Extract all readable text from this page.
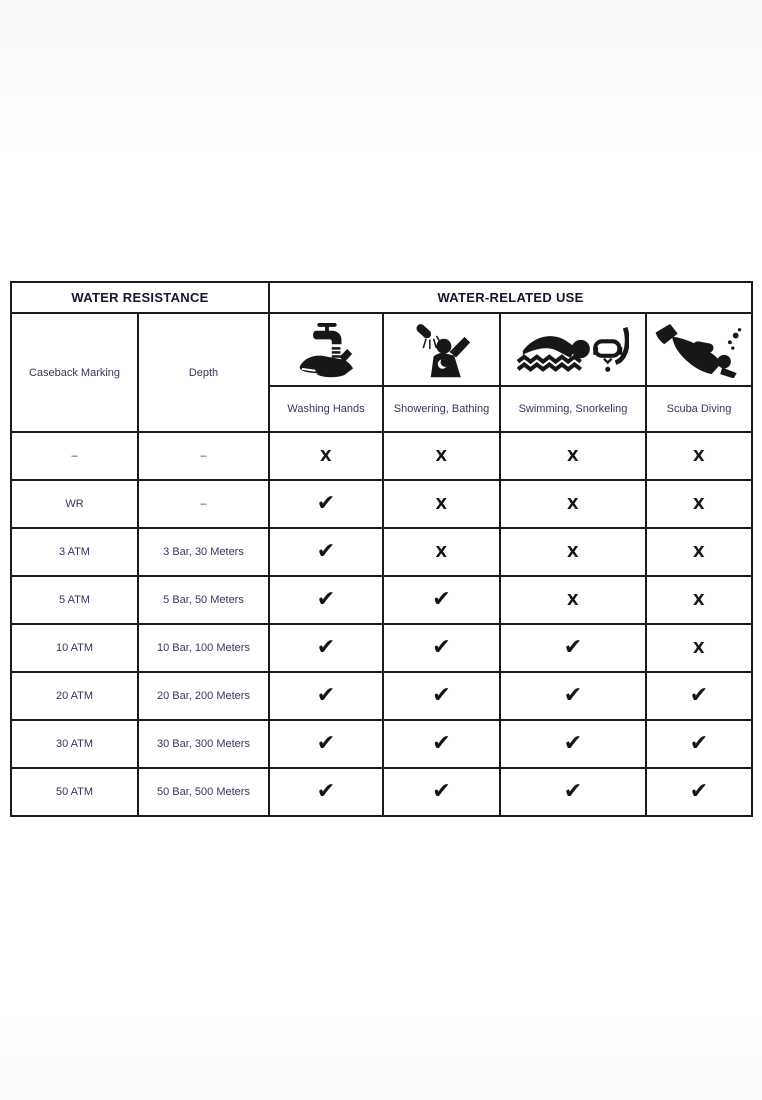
WATER RESISTANCE		WATER-RELATED USE			
Caseback Marking	Depth	

		Washing Hands	Showering, Bathing	Swimming, Snorkeling	Scuba Diving
–	–	X	X	X	X
WR	–	✔	X	X	X
3 ATM	3 Bar, 30 Meters	✔	X	X	X
5 ATM	5 Bar, 50 Meters	✔	✔	X	X
10 ATM	10 Bar, 100 Meters	✔	✔	✔	X
20 ATM	20 Bar, 200 Meters	✔	✔	✔	✔
30 ATM	30 Bar, 300 Meters	✔	✔	✔	✔
50 ATM	50 Bar, 500 Meters	✔	✔	✔	✔
